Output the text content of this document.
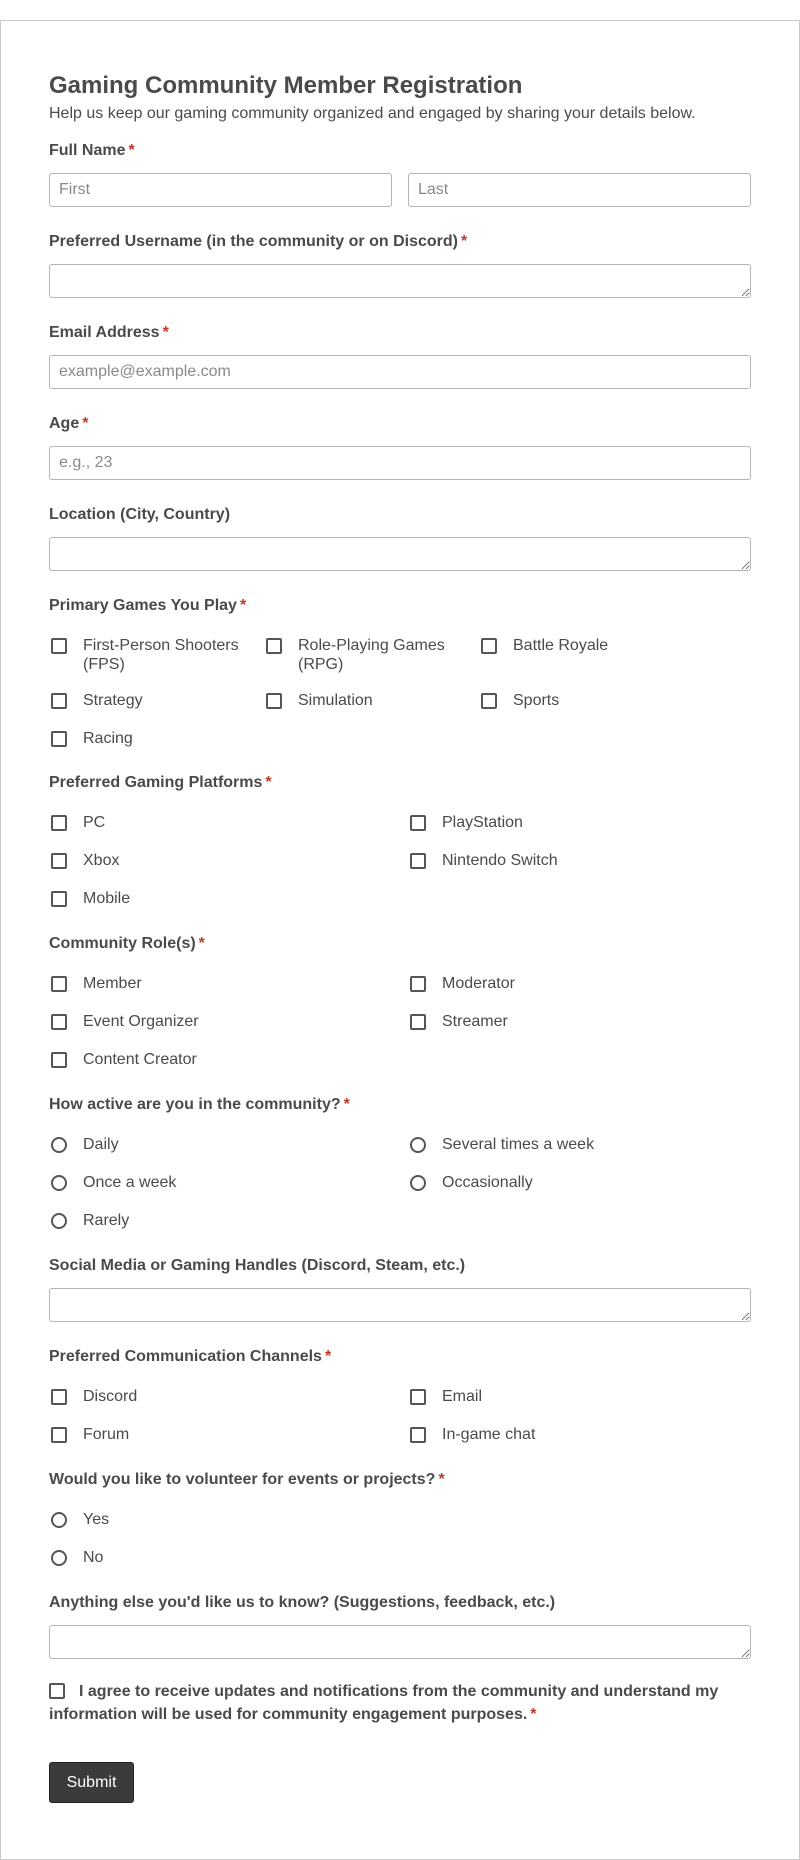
Gaming Community Member Registration
Help us keep our gaming community organized and engaged by sharing your details below.
Full Name *
First
Last
Preferred Username (in the community or on Discord) *
Email Address *
example@example.com
Age *
e.g., 23
Location (City, Country)
Primary Games You Play *
First-Person Shooters (FPS)
Role-Playing Games (RPG)
Battle Royale
Strategy	Simulation	Sports
Racing
Preferred Gaming Platforms *
PC	PlayStation
Xbox	Nintendo Switch
Mobile
Community Role(s) *
Member	Moderator
Event Organizer	Streamer
Content Creator
How active are you in the community? *
Daily	Several times a week
Once a week	Occasionally
Rarely
Social Media or Gaming Handles (Discord, Steam, etc.)
Preferred Communication Channels *
Discord	Email
Forum	In-game chat
Would you like to volunteer for events or projects? *
Yes
No
Anything else you'd like us to know? (Suggestions, feedback, etc.)
I agree to receive updates and notifications from the community and understand my information will be used for community engagement purposes. *
Submit
